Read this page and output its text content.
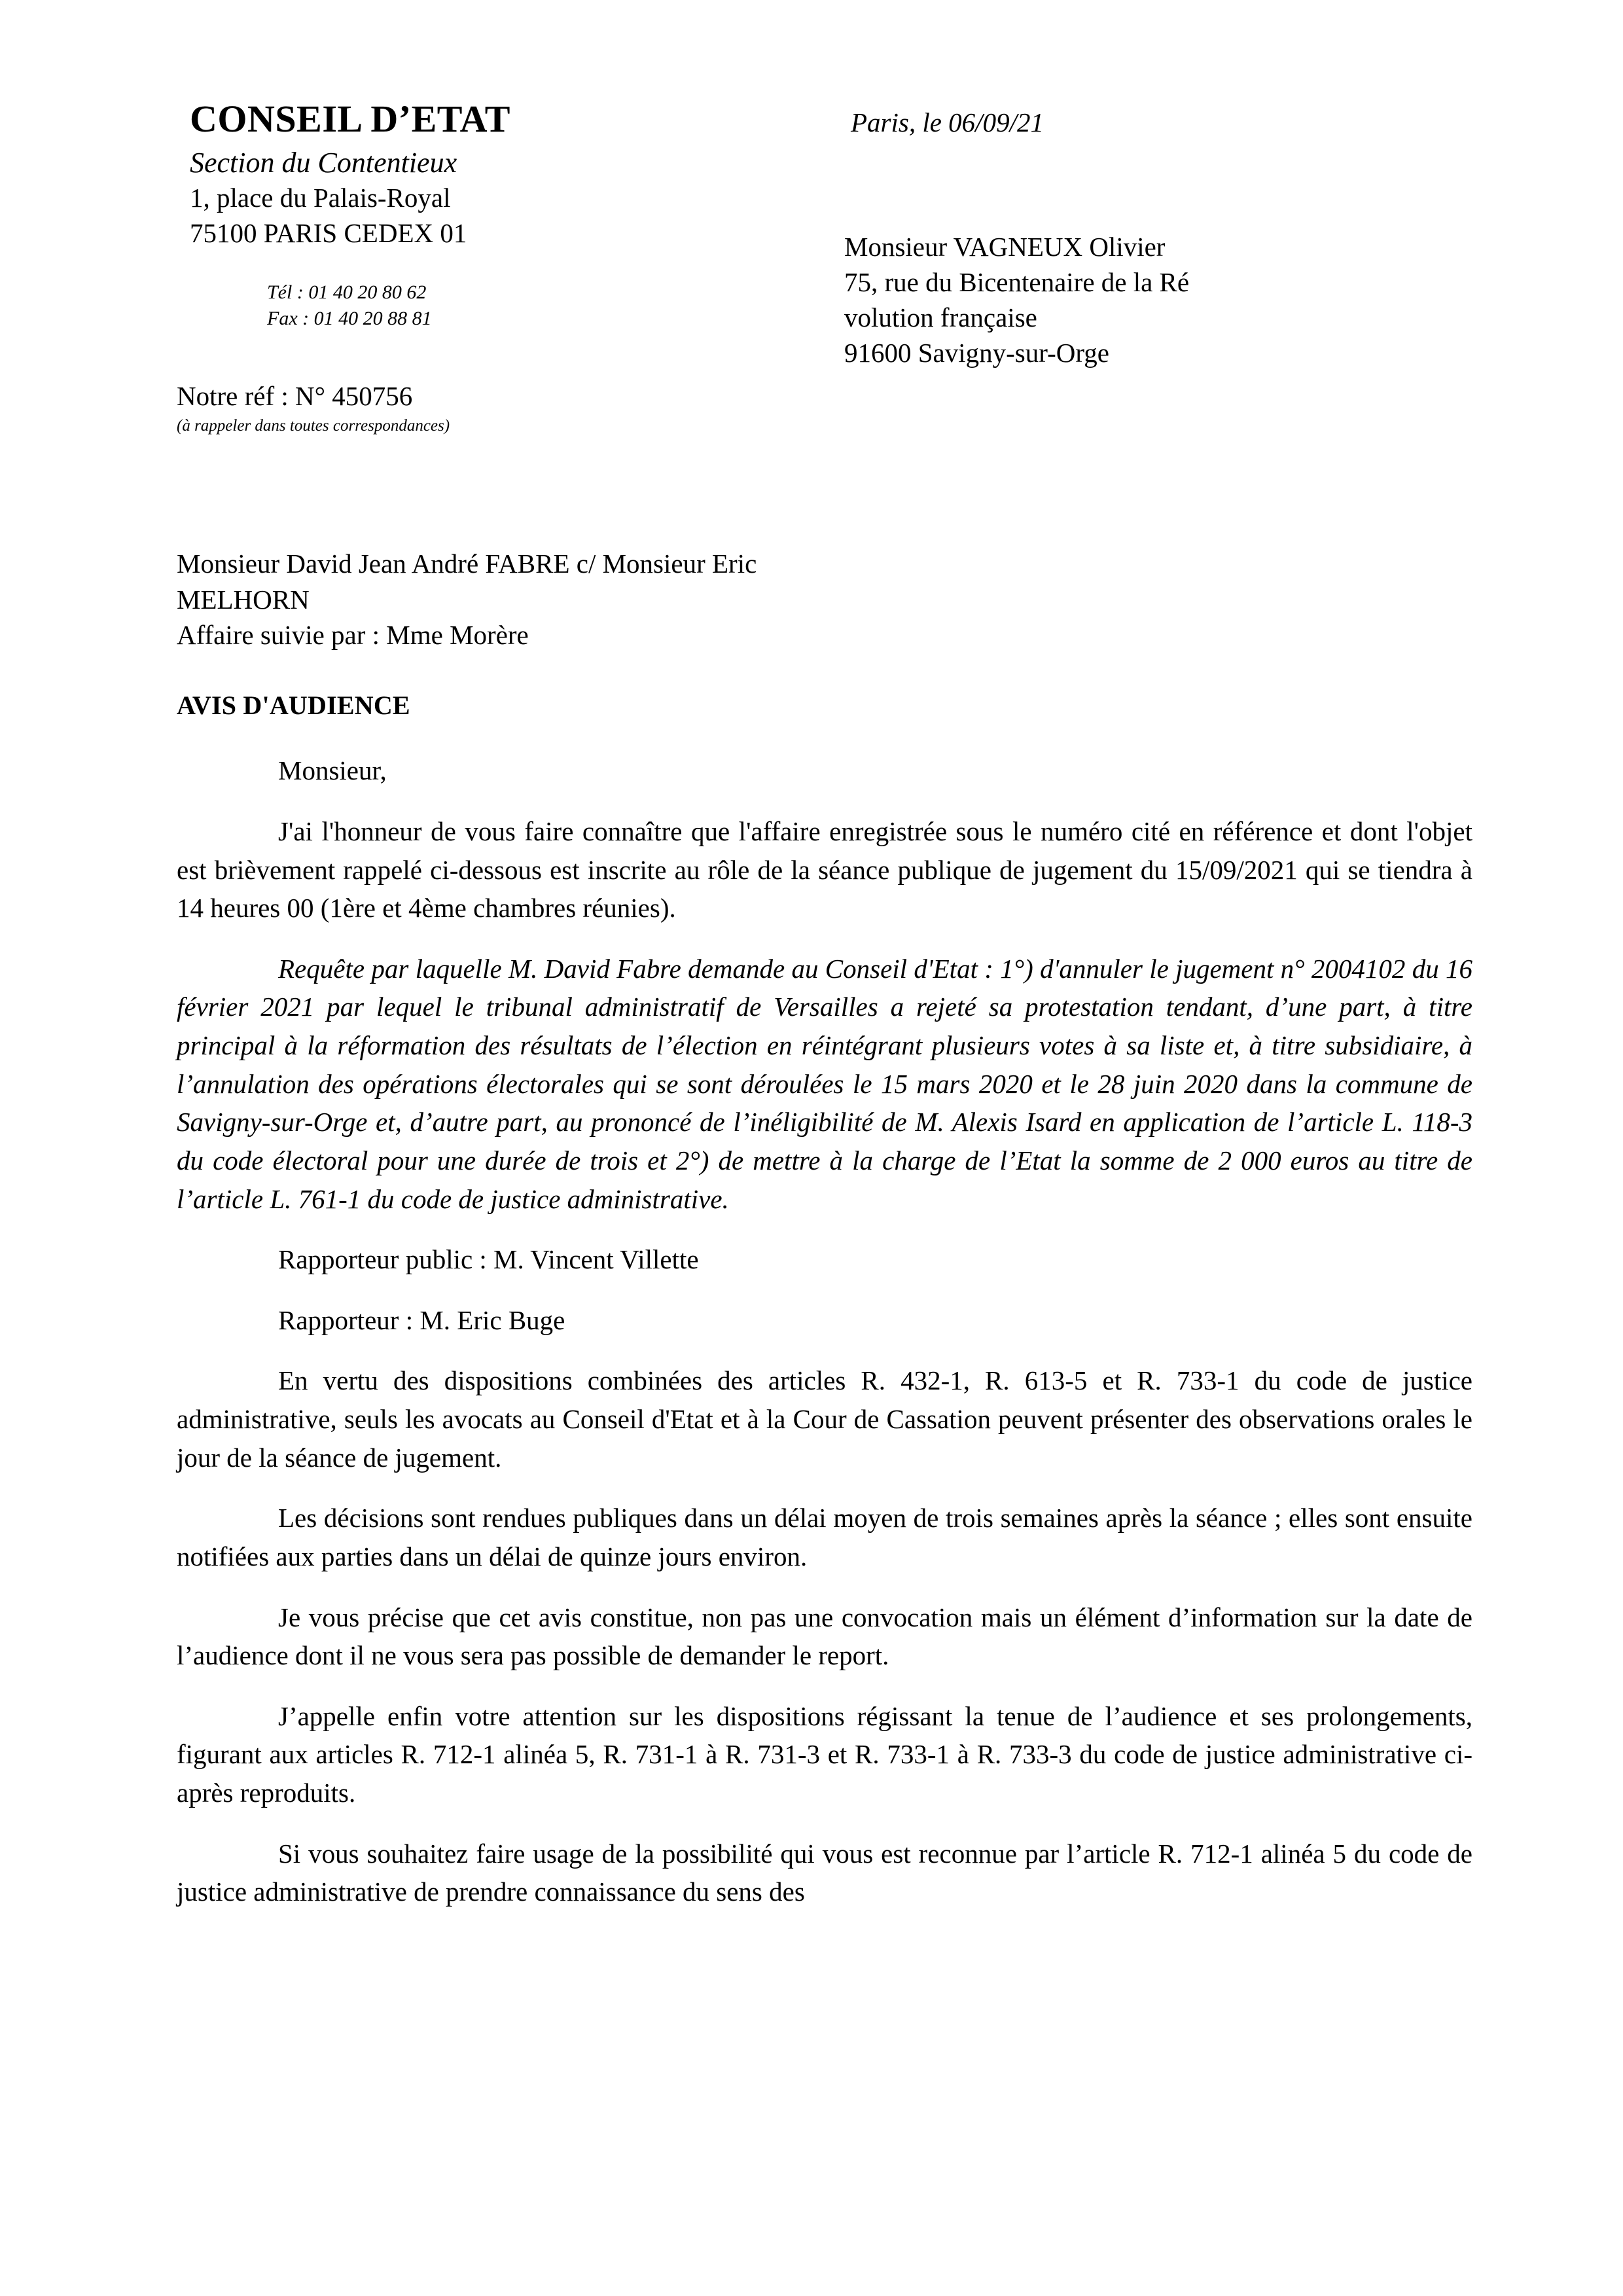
CONSEIL D’ETAT
Section du Contentieux
1, place du Palais-Royal
75100 PARIS CEDEX 01
Tél : 01 40 20 80 62
Fax : 01 40 20 88 81
Notre réf : N° 450756
(à rappeler dans toutes correspondances)
Paris, le 06/09/21
Monsieur VAGNEUX Olivier
75, rue du Bicentenaire de la Ré
volution française
91600 Savigny-sur-Orge
Monsieur David Jean André FABRE c/ Monsieur Eric
MELHORN
Affaire suivie par : Mme Morère
AVIS D'AUDIENCE
Monsieur,

J'ai l'honneur de vous faire connaître que l'affaire enregistrée sous le numéro cité en référence et dont l'objet est brièvement rappelé ci-dessous est inscrite au rôle de la séance publique de jugement du 15/09/2021 qui se tiendra à 14 heures 00 (1ère et 4ème chambres réunies).

Requête par laquelle M. David Fabre demande au Conseil d'Etat : 1°) d'annuler le jugement n° 2004102 du 16 février 2021 par lequel le tribunal administratif de Versailles a rejeté sa protestation tendant, d’une part, à titre principal à la réformation des résultats de l’élection en réintégrant plusieurs votes à sa liste et, à titre subsidiaire, à l’annulation des opérations électorales qui se sont déroulées le 15 mars 2020 et le 28 juin 2020 dans la commune de Savigny-sur-Orge et, d’autre part, au prononcé de l’inéligibilité de M. Alexis Isard en application de l’article L. 118-3 du code électoral pour une durée de trois et 2°) de mettre à la charge de l’Etat la somme de 2 000 euros au titre de l’article L. 761-1 du code de justice administrative.

Rapporteur public : M. Vincent Villette
Rapporteur : M. Eric Buge

En vertu des dispositions combinées des articles R. 432-1, R. 613-5 et R. 733-1 du code de justice administrative, seuls les avocats au Conseil d'Etat et à la Cour de Cassation peuvent présenter des observations orales le jour de la séance de jugement.

Les décisions sont rendues publiques dans un délai moyen de trois semaines après la séance ; elles sont ensuite notifiées aux parties dans un délai de quinze jours environ.

Je vous précise que cet avis constitue, non pas une convocation mais un élément d’information sur la date de l’audience dont il ne vous sera pas possible de demander le report.

J’appelle enfin votre attention sur les dispositions régissant la tenue de l’audience et ses prolongements, figurant aux articles R. 712-1 alinéa 5, R. 731-1 à R. 731-3 et R. 733-1 à R. 733-3 du code de justice administrative ci-après reproduits.

Si vous souhaitez faire usage de la possibilité qui vous est reconnue par l’article R. 712-1 alinéa 5 du code de justice administrative de prendre connaissance du sens des
